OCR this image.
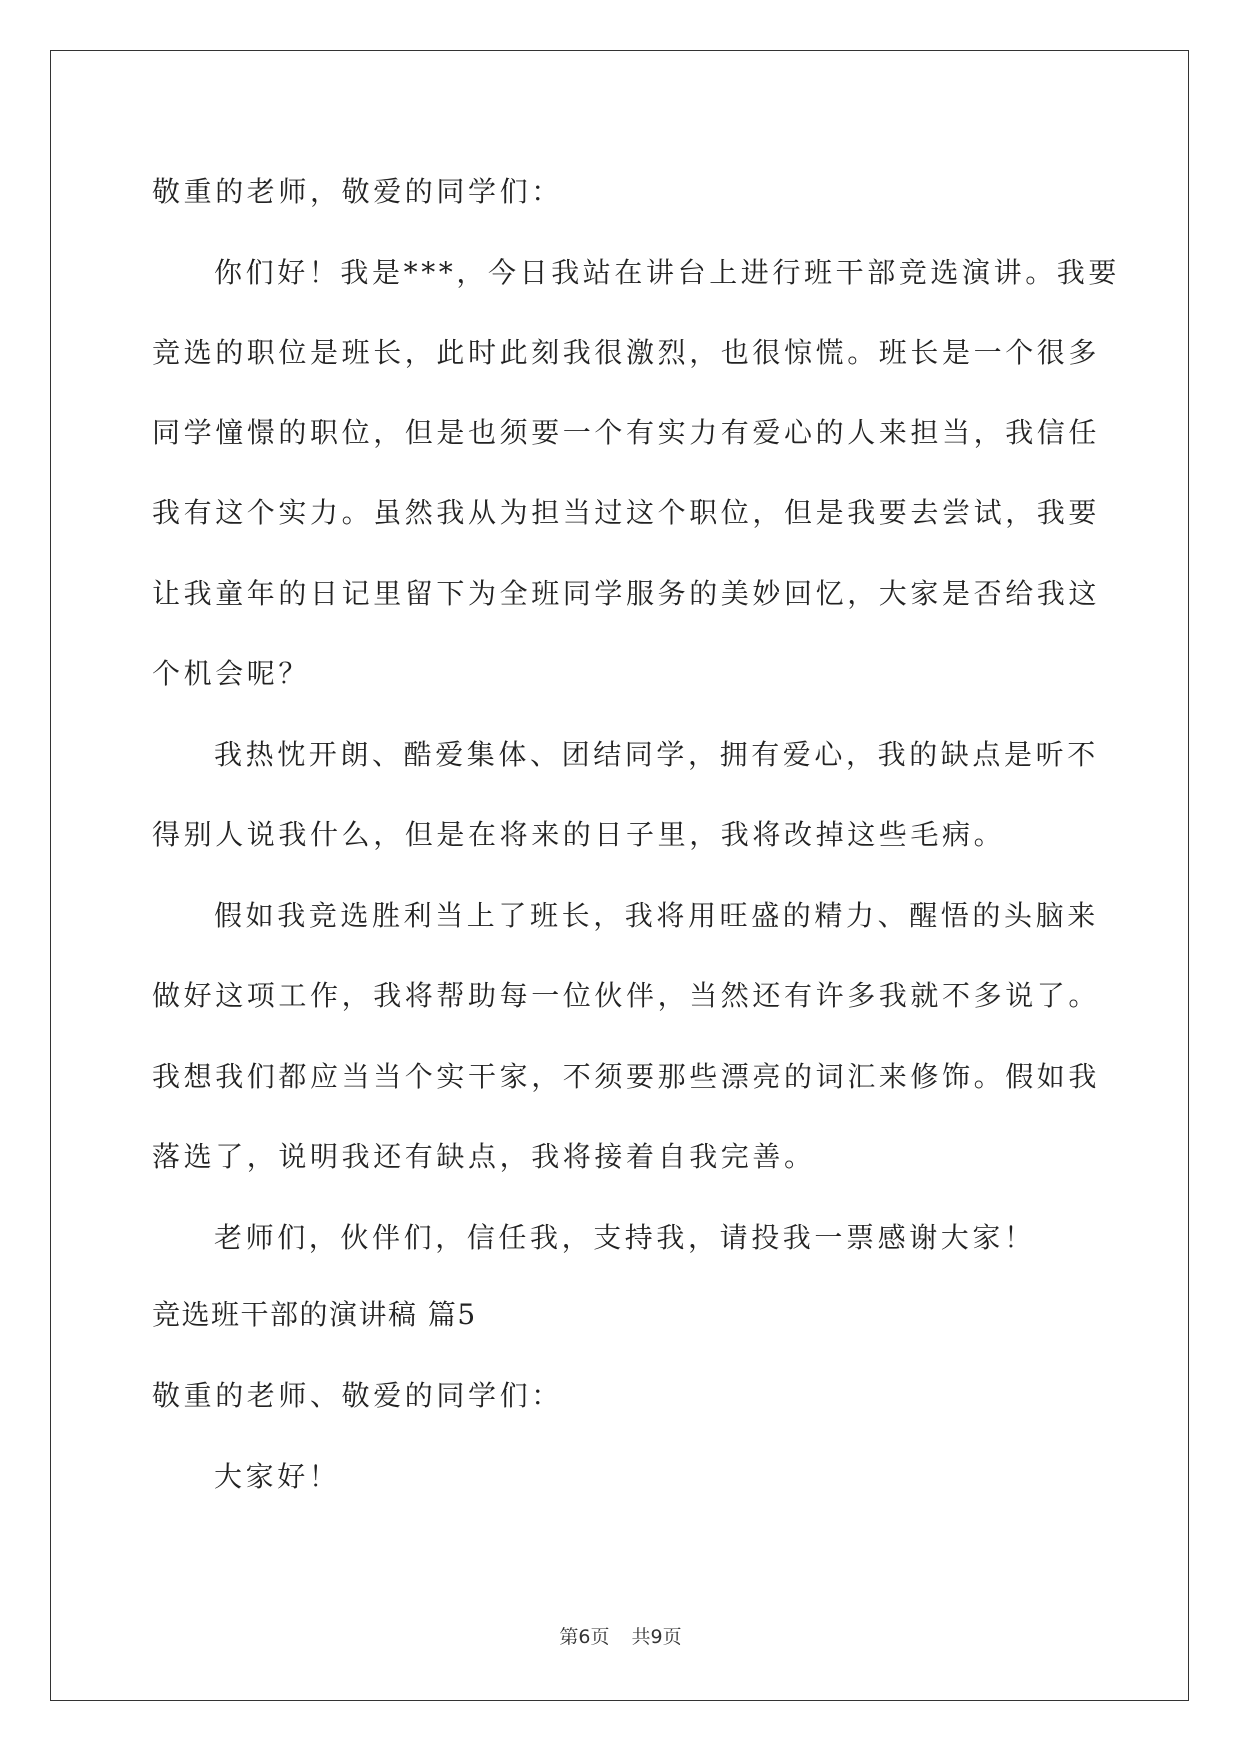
敬重的老师，敬爱的同学们：
你们好！我是***，今日我站在讲台上进行班干部竞选演讲。我要
竞选的职位是班长，此时此刻我很激烈，也很惊慌。班长是一个很多
同学憧憬的职位，但是也须要一个有实力有爱心的人来担当，我信任
我有这个实力。虽然我从为担当过这个职位，但是我要去尝试，我要
让我童年的日记里留下为全班同学服务的美妙回忆，大家是否给我这
个机会呢？
我热忱开朗、酷爱集体、团结同学，拥有爱心，我的缺点是听不
得别人说我什么，但是在将来的日子里，我将改掉这些毛病。
假如我竞选胜利当上了班长，我将用旺盛的精力、醒悟的头脑来
做好这项工作，我将帮助每一位伙伴，当然还有许多我就不多说了。
我想我们都应当当个实干家，不须要那些漂亮的词汇来修饰。假如我
落选了，说明我还有缺点，我将接着自我完善。
老师们，伙伴们，信任我，支持我，请投我一票感谢大家！
竞选班干部的演讲稿 篇5
敬重的老师、敬爱的同学们：
大家好！
第6页 共9页
